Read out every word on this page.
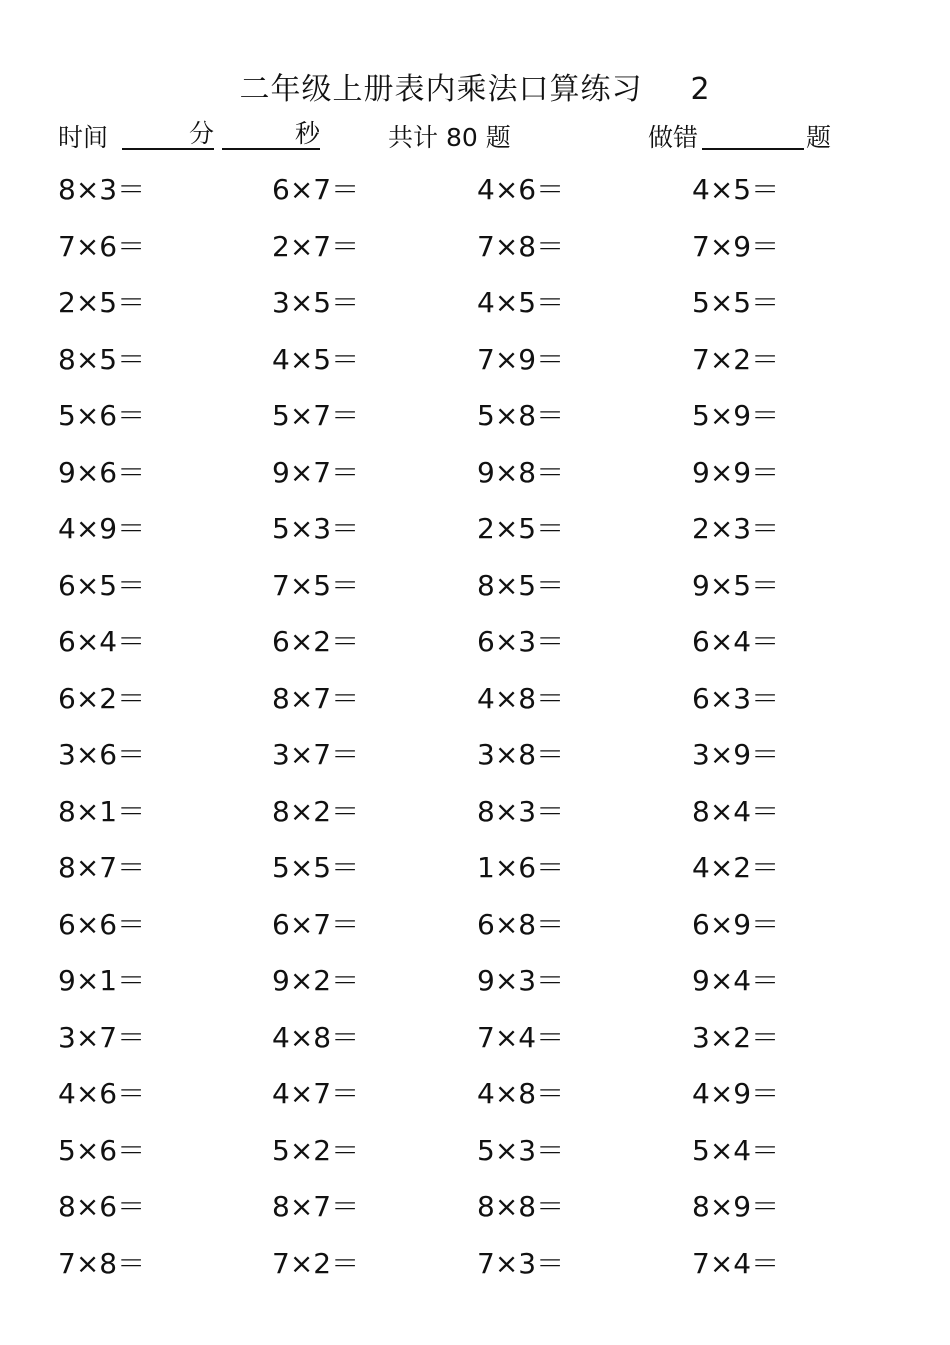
二年级上册表内乘法口算练习 2
时间	分	秒	共计 80 题	做错	题
8×3＝	6×7＝	4×6＝	4×5＝
7×6＝	2×7＝	7×8＝	7×9＝
2×5＝	3×5＝	4×5＝	5×5＝
8×5＝	4×5＝	7×9＝	7×2＝
5×6＝	5×7＝	5×8＝	5×9＝
9×6＝	9×7＝	9×8＝	9×9＝
4×9＝	5×3＝	2×5＝	2×3＝
6×5＝	7×5＝	8×5＝	9×5＝
6×4＝	6×2＝	6×3＝	6×4＝
6×2＝	8×7＝	4×8＝	6×3＝
3×6＝	3×7＝	3×8＝	3×9＝
8×1＝	8×2＝	8×3＝	8×4＝
8×7＝	5×5＝	1×6＝	4×2＝
6×6＝	6×7＝	6×8＝	6×9＝
9×1＝	9×2＝	9×3＝	9×4＝
3×7＝	4×8＝	7×4＝	3×2＝
4×6＝	4×7＝	4×8＝	4×9＝
5×6＝	5×2＝	5×3＝	5×4＝
8×6＝	8×7＝	8×8＝	8×9＝
7×8＝	7×2＝	7×3＝	7×4＝
